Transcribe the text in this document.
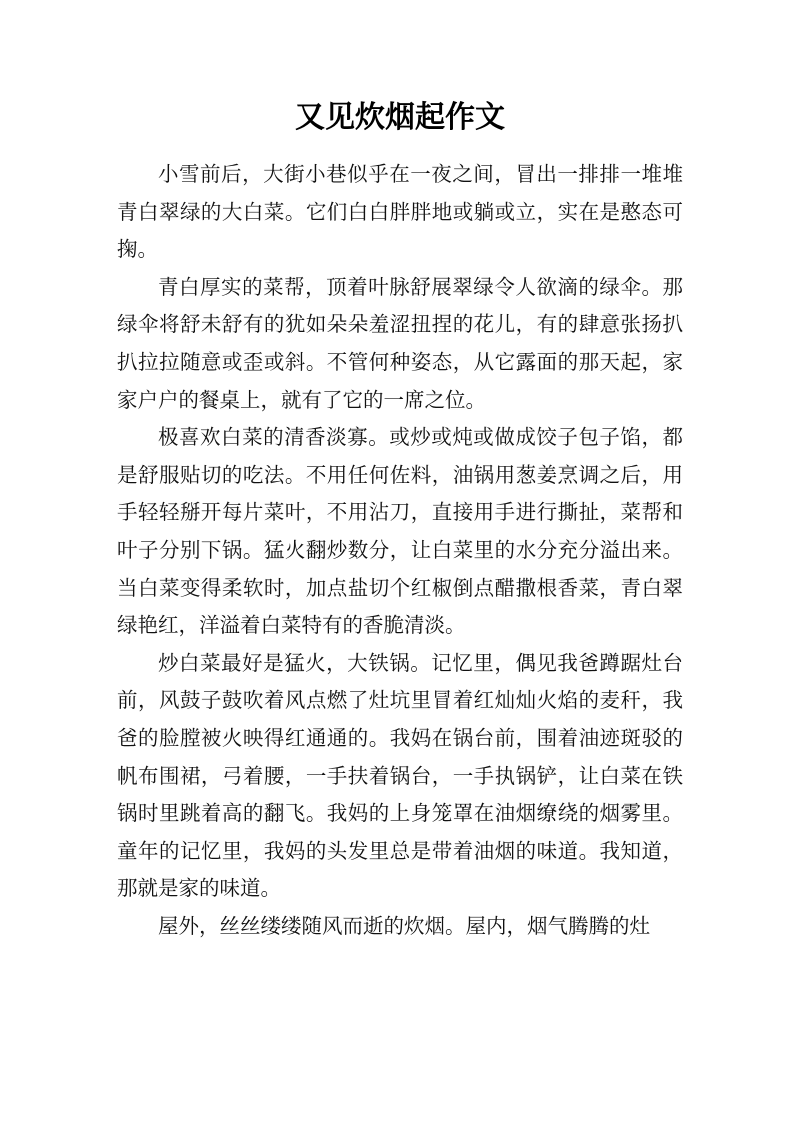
又见炊烟起作文

小雪前后，大街小巷似乎在一夜之间，冒出一排排一堆堆青白翠绿的大白菜。它们白白胖胖地或躺或立，实在是憨态可掬。

青白厚实的菜帮，顶着叶脉舒展翠绿令人欲滴的绿伞。那绿伞将舒未舒有的犹如朵朵羞涩扭捏的花儿，有的肆意张扬扒扒拉拉随意或歪或斜。不管何种姿态，从它露面的那天起，家家户户的餐桌上，就有了它的一席之位。

极喜欢白菜的清香淡寡。或炒或炖或做成饺子包子馅，都是舒服贴切的吃法。不用任何佐料，油锅用葱姜烹调之后，用手轻轻掰开每片菜叶，不用沾刀，直接用手进行撕扯，菜帮和叶子分别下锅。猛火翻炒数分，让白菜里的水分充分溢出来。当白菜变得柔软时，加点盐切个红椒倒点醋撒根香菜，青白翠绿艳红，洋溢着白菜特有的香脆清淡。

炒白菜最好是猛火，大铁锅。记忆里，偶见我爸蹲踞灶台前，风鼓子鼓吹着风点燃了灶坑里冒着红灿灿火焰的麦秆，我爸的脸膛被火映得红通通的。我妈在锅台前，围着油迹斑驳的帆布围裙，弓着腰，一手扶着锅台，一手执锅铲，让白菜在铁锅时里跳着高的翻飞。我妈的上身笼罩在油烟缭绕的烟雾里。童年的记忆里，我妈的头发里总是带着油烟的味道。我知道，那就是家的味道。

屋外，丝丝缕缕随风而逝的炊烟。屋内，烟气腾腾的灶
